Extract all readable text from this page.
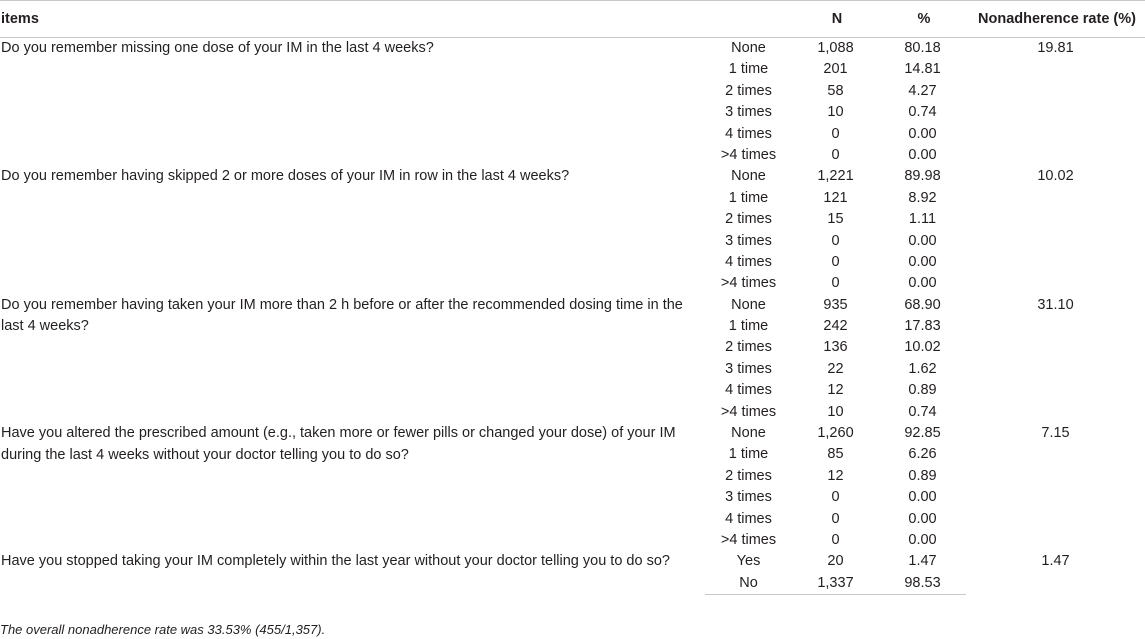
items		N	%	Nonadherence rate (%)
Do you remember missing one dose of your IM in the last 4 weeks?	None	1,088	80.18	19.81
	1 time	201	14.81	
	2 times	58	4.27	
	3 times	10	0.74	
	4 times	0	0.00	
	>4 times	0	0.00	
Do you remember having skipped 2 or more doses of your IM in row in the last 4 weeks?	None	1,221	89.98	10.02
	1 time	121	8.92	
	2 times	15	1.11	
	3 times	0	0.00	
	4 times	0	0.00	
	>4 times	0	0.00	
Do you remember having taken your IM more than 2 h before or after the recommended dosing time in the last 4 weeks?	None	935	68.90	31.10
	1 time	242	17.83	
	2 times	136	10.02	
	3 times	22	1.62	
	4 times	12	0.89	
	>4 times	10	0.74	
Have you altered the prescribed amount (e.g., taken more or fewer pills or changed your dose) of your IM during the last 4 weeks without your doctor telling you to do so?	None	1,260	92.85	7.15
	1 time	85	6.26	
	2 times	12	0.89	
	3 times	0	0.00	
	4 times	0	0.00	
	>4 times	0	0.00	
Have you stopped taking your IM completely within the last year without your doctor telling you to do so?	Yes	20	1.47	1.47
	No	1,337	98.53	
The overall nonadherence rate was 33.53% (455/1,357).
